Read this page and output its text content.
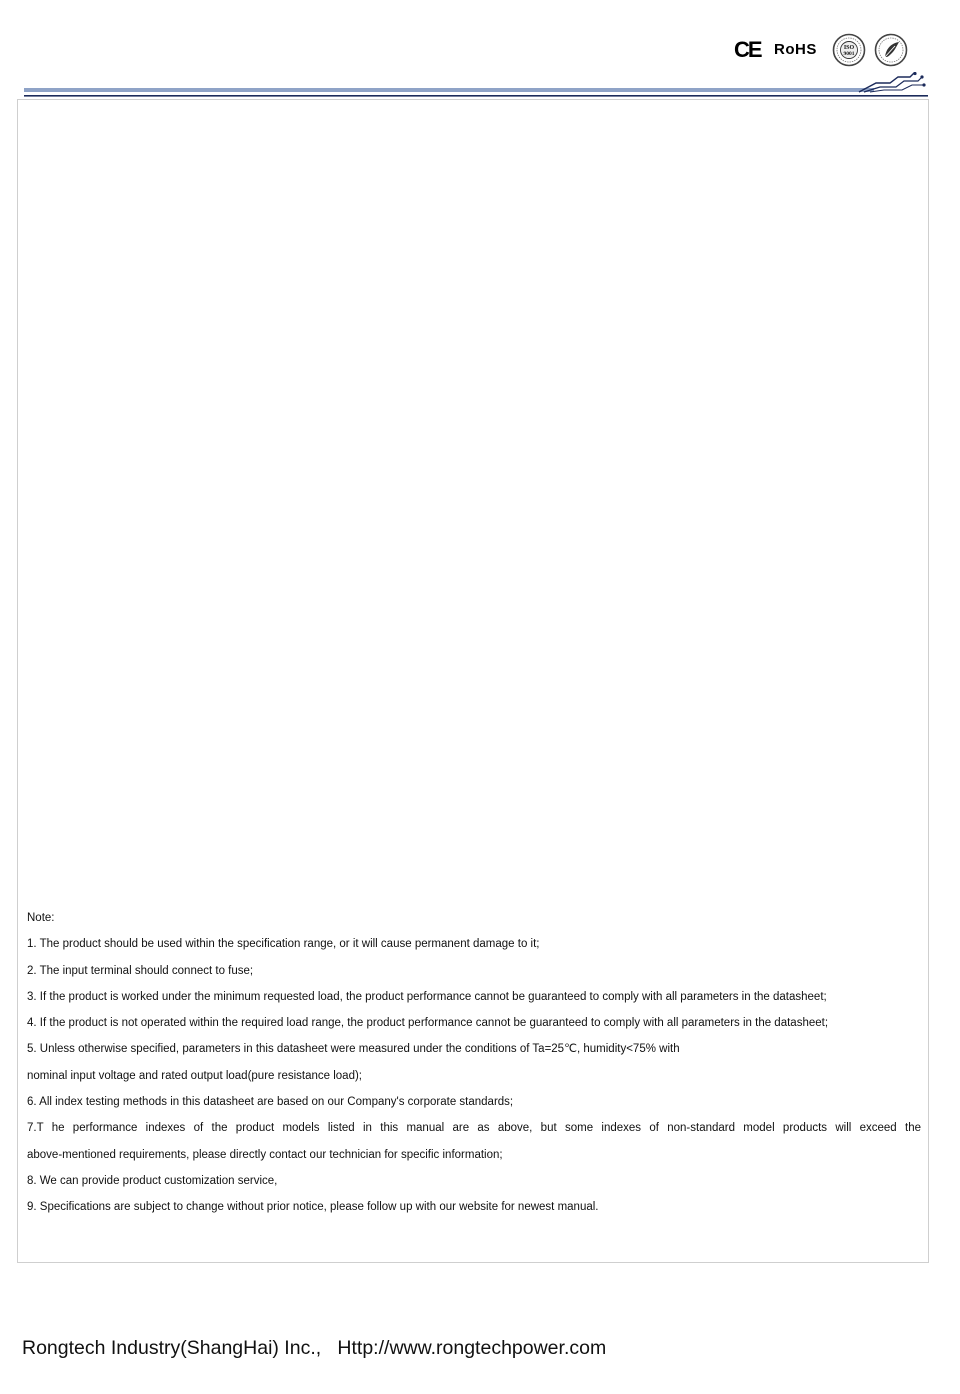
CE RoHS	ISO
9001
Note:
1. The product should be used within the specification range, or it will cause permanent damage to it;
2. The input terminal should connect to fuse;
3. If the product is worked under the minimum requested load, the product performance cannot be guaranteed to comply with all parameters in the datasheet;
4. If the product is not operated within the required load range, the product performance cannot be guaranteed to comply with all parameters in the datasheet;
5. Unless otherwise specified, parameters in this datasheet were measured under the conditions of Ta=25℃, humidity<75% with
nominal input voltage and rated output load(pure resistance load);
6. All index testing methods in this datasheet are based on our Company's corporate standards;
7.T he performance indexes of the product models listed in this manual are as above, but some indexes of non-standard model products will exceed the
above-mentioned requirements, please directly contact our technician for specific information;
8. We can provide product customization service,
9. Specifications are subject to change without prior notice, please follow up with our website for newest manual.
Rongtech Industry(ShangHai) Inc., Http://www.rongtechpower.com
